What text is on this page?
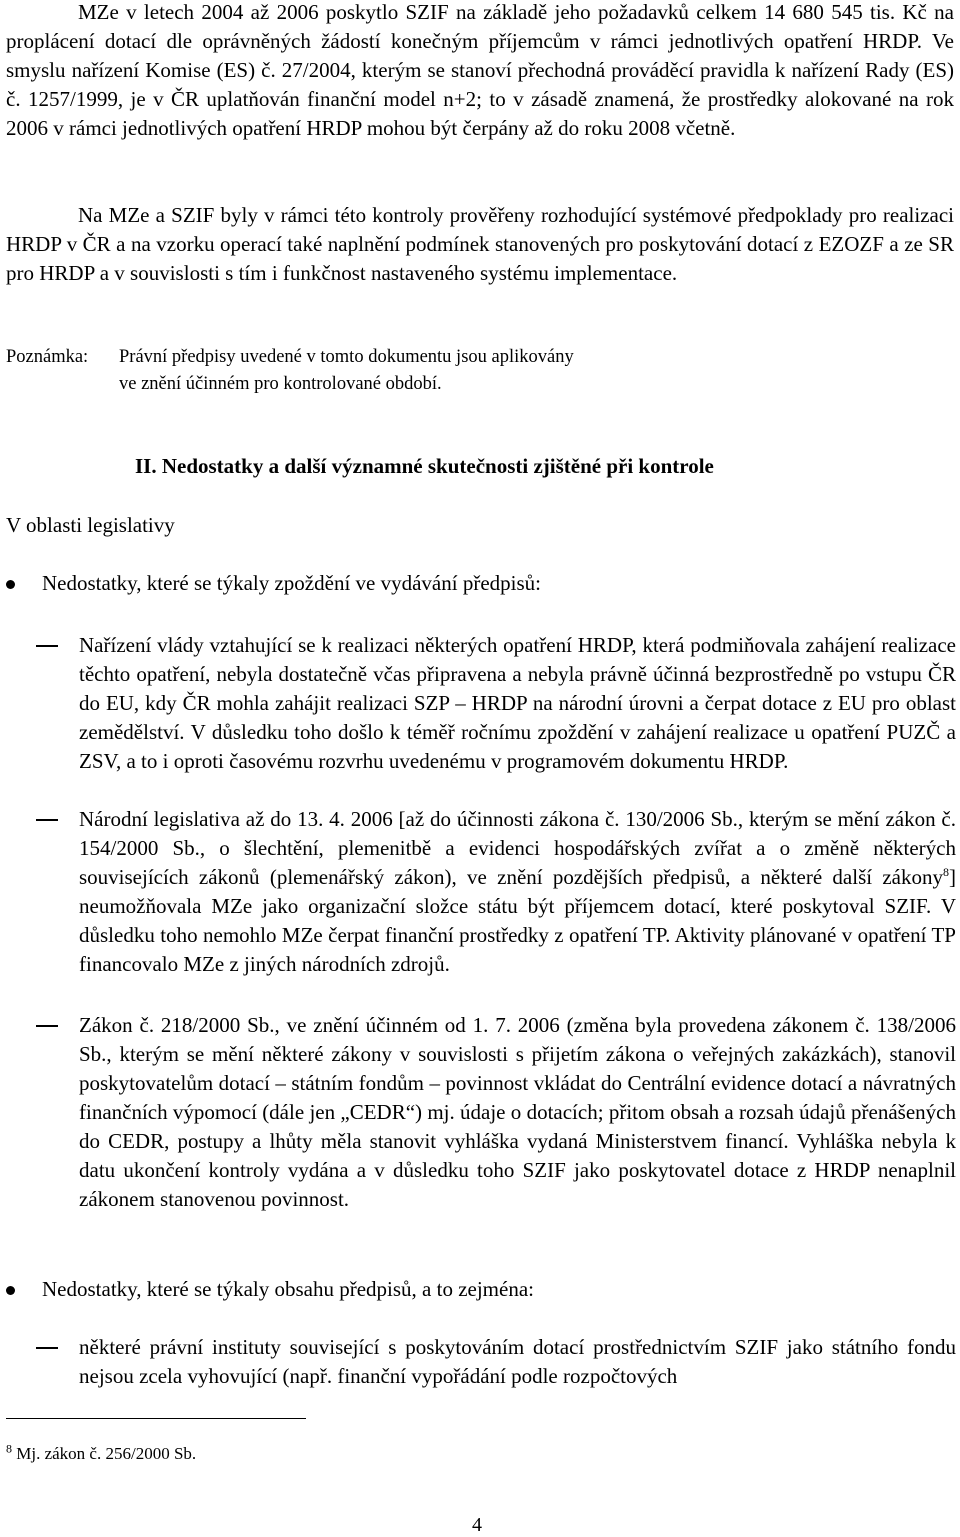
MZe v letech 2004 až 2006 poskytlo SZIF na základě jeho požadavků celkem 14 680 545 tis. Kč na proplácení dotací dle oprávněných žádostí konečným příjemcům v rámci jednotlivých opatření HRDP. Ve smyslu nařízení Komise (ES) č. 27/2004, kterým se stanoví přechodná prováděcí pravidla k nařízení Rady (ES) č. 1257/1999, je v ČR uplatňován finanční model n+2; to v zásadě znamená, že prostředky alokované na rok 2006 v rámci jednotlivých opatření HRDP mohou být čerpány až do roku 2008 včetně.

Na MZe a SZIF byly v rámci této kontroly prověřeny rozhodující systémové předpoklady pro realizaci HRDP v ČR a na vzorku operací také naplnění podmínek stanovených pro poskytování dotací z EZOZF a ze SR pro HRDP a v souvislosti s tím i funkčnost nastaveného systému implementace.

Poznámka: Právní předpisy uvedené v tomto dokumentu jsou aplikovány
ve znění účinném pro kontrolované období.
II. Nedostatky a další významné skutečnosti zjištěné při kontrole
V oblasti legislativy
Nedostatky, které se týkaly zpoždění ve vydávání předpisů:
Nařízení vlády vztahující se k realizaci některých opatření HRDP, která podmiňovala zahájení realizace těchto opatření, nebyla dostatečně včas připravena a nebyla právně účinná bezprostředně po vstupu ČR do EU, kdy ČR mohla zahájit realizaci SZP – HRDP na národní úrovni a čerpat dotace z EU pro oblast zemědělství. V důsledku toho došlo k téměř ročnímu zpoždění v zahájení realizace u opatření PUZČ a ZSV, a to i oproti časovému rozvrhu uvedenému v programovém dokumentu HRDP.
Národní legislativa až do 13. 4. 2006 [až do účinnosti zákona č. 130/2006 Sb., kterým se mění zákon č. 154/2000 Sb., o šlechtění, plemenitbě a evidenci hospodářských zvířat a o změně některých souvisejících zákonů (plemenářský zákon), ve znění pozdějších předpisů, a některé další zákony$^8$] neumožňovala MZe jako organizační složce státu být příjemcem dotací, které poskytoval SZIF. V důsledku toho nemohlo MZe čerpat finanční prostředky z opatření TP. Aktivity plánované v opatření TP financovalo MZe z jiných národních zdrojů.
Zákon č. 218/2000 Sb., ve znění účinném od 1. 7. 2006 (změna byla provedena zákonem č. 138/2006 Sb., kterým se mění některé zákony v souvislosti s přijetím zákona o veřejných zakázkách), stanovil poskytovatelům dotací – státním fondům – povinnost vkládat do Centrální evidence dotací a návratných finančních výpomocí (dále jen „CEDR“) mj. údaje o dotacích; přitom obsah a rozsah údajů přenášených do CEDR, postupy a lhůty měla stanovit vyhláška vydaná Ministerstvem financí. Vyhláška nebyla k datu ukončení kontroly vydána a v důsledku toho SZIF jako poskytovatel dotace z HRDP nenaplnil zákonem stanovenou povinnost.
Nedostatky, které se týkaly obsahu předpisů, a to zejména:
některé právní instituty související s poskytováním dotací prostřednictvím SZIF jako státního fondu nejsou zcela vyhovující (např. finanční vypořádání podle rozpočtových
$^8$ Mj. zákon č. 256/2000 Sb.
4
